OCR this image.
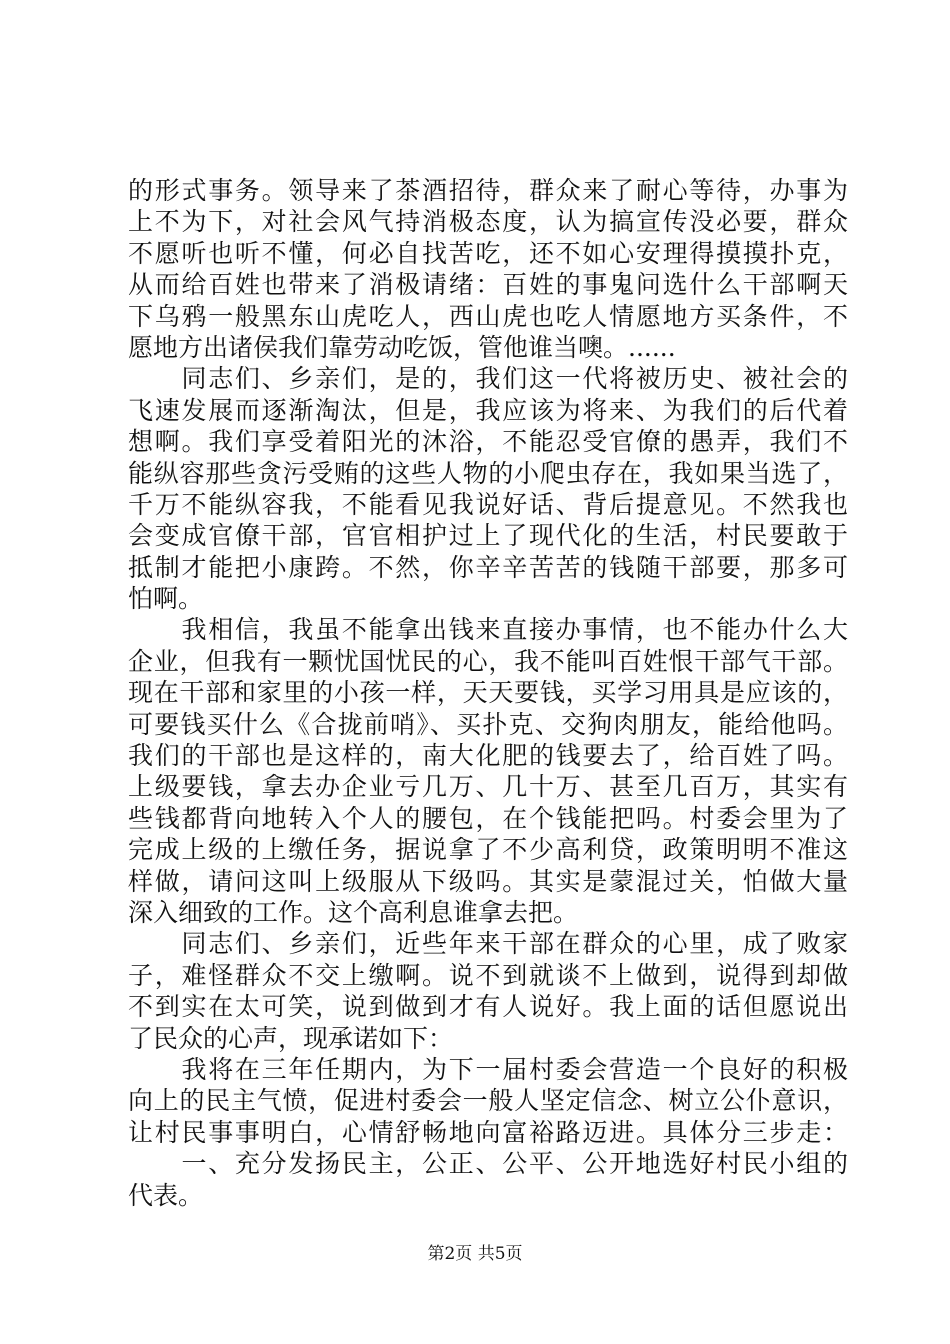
的形式事务。领导来了茶酒招待，群众来了耐心等待，办事为
上不为下，对社会风气持消极态度，认为搞宣传没必要，群众
不愿听也听不懂，何必自找苦吃，还不如心安理得摸摸扑克，
从而给百姓也带来了消极请绪：百姓的事鬼问选什么干部啊天
下乌鸦一般黑东山虎吃人，西山虎也吃人情愿地方买条件，不
愿地方出诸侯我们靠劳动吃饭，管他谁当噢。......
　　同志们、乡亲们，是的，我们这一代将被历史、被社会的
飞速发展而逐渐淘汰，但是，我应该为将来、为我们的后代着
想啊。我们享受着阳光的沐浴，不能忍受官僚的愚弄，我们不
能纵容那些贪污受贿的这些人物的小爬虫存在，我如果当选了，
千万不能纵容我，不能看见我说好话、背后提意见。不然我也
会变成官僚干部，官官相护过上了现代化的生活，村民要敢于
抵制才能把小康跨。不然，你辛辛苦苦的钱随干部要，那多可
怕啊。
　　我相信，我虽不能拿出钱来直接办事情，也不能办什么大
企业，但我有一颗忧国忧民的心，我不能叫百姓恨干部气干部。
现在干部和家里的小孩一样，天天要钱，买学习用具是应该的，
可要钱买什么《合拢前哨》、买扑克、交狗肉朋友，能给他吗。
我们的干部也是这样的，南大化肥的钱要去了，给百姓了吗。
上级要钱，拿去办企业亏几万、几十万、甚至几百万，其实有
些钱都背向地转入个人的腰包，在个钱能把吗。村委会里为了
完成上级的上缴任务，据说拿了不少高利贷，政策明明不准这
样做，请问这叫上级服从下级吗。其实是蒙混过关，怕做大量
深入细致的工作。这个高利息谁拿去把。
　　同志们、乡亲们，近些年来干部在群众的心里，成了败家
子，难怪群众不交上缴啊。说不到就谈不上做到，说得到却做
不到实在太可笑，说到做到才有人说好。我上面的话但愿说出
了民众的心声，现承诺如下：
　　我将在三年任期内，为下一届村委会营造一个良好的积极
向上的民主气愤，促进村委会一般人坚定信念、树立公仆意识，
让村民事事明白，心情舒畅地向富裕路迈进。具体分三步走：
　　一、充分发扬民主，公正、公平、公开地选好村民小组的
代表。
第2页 共5页
